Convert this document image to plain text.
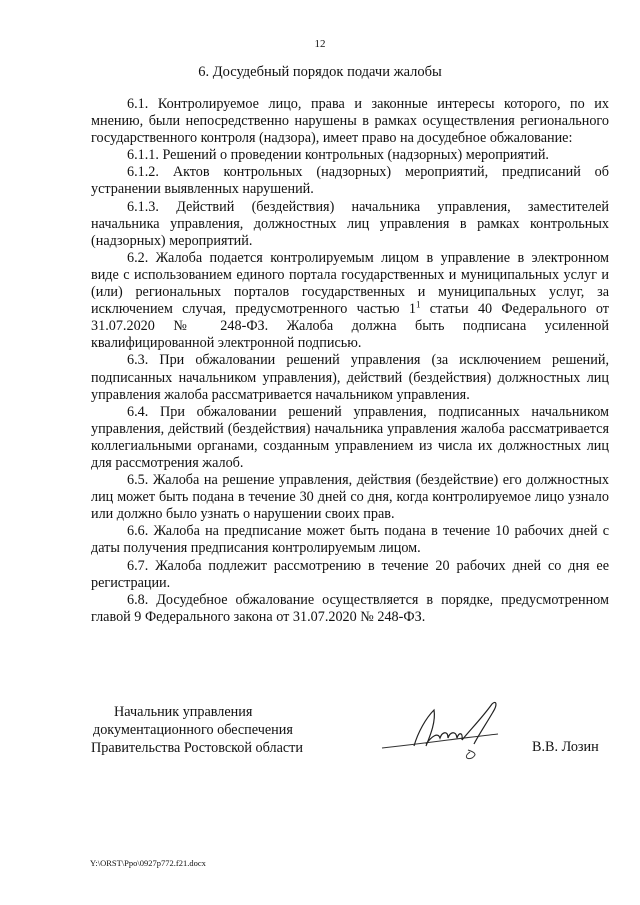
12
6. Досудебный порядок подачи жалобы

6.1. Контролируемое лицо, права и законные интересы которого, по их мнению, были непосредственно нарушены в рамках осуществления регионального государственного контроля (надзора), имеет право на досудебное обжалование:

6.1.1. Решений о проведении контрольных (надзорных) мероприятий.

6.1.2. Актов контрольных (надзорных) мероприятий, предписаний об устранении выявленных нарушений.

6.1.3. Действий (бездействия) начальника управления, заместителей начальника управления, должностных лиц управления в рамках контрольных (надзорных) мероприятий.

6.2. Жалоба подается контролируемым лицом в управление в электронном виде с использованием единого портала государственных и муниципальных услуг и (или) региональных порталов государственных и муниципальных услуг, за исключением случая, предусмотренного частью $1^1$ статьи 40 Федерального от 31.07.2020 № 248-ФЗ. Жалоба должна быть подписана усиленной квалифицированной электронной подписью.

6.3. При обжаловании решений управления (за исключением решений, подписанных начальником управления), действий (бездействия) должностных лиц управления жалоба рассматривается начальником управления.

6.4. При обжаловании решений управления, подписанных начальником управления, действий (бездействия) начальника управления жалоба рассматривается коллегиальными органами, созданным управлением из числа их должностных лиц для рассмотрения жалоб.

6.5. Жалоба на решение управления, действия (бездействие) его должностных лиц может быть подана в течение 30 дней со дня, когда контролируемое лицо узнало или должно было узнать о нарушении своих прав.

6.6. Жалоба на предписание может быть подана в течение 10 рабочих дней с даты получения предписания контролируемым лицом.

6.7. Жалоба подлежит рассмотрению в течение 20 рабочих дней со дня ее регистрации.

6.8. Досудебное обжалование осуществляется в порядке, предусмотренном главой 9 Федерального закона от 31.07.2020 № 248-ФЗ.

Начальник управления
документационного обеспечения
Правительства Ростовской области	В.В. Лозин
Y:\ORST\Ppo\0927p772.f21.docx
